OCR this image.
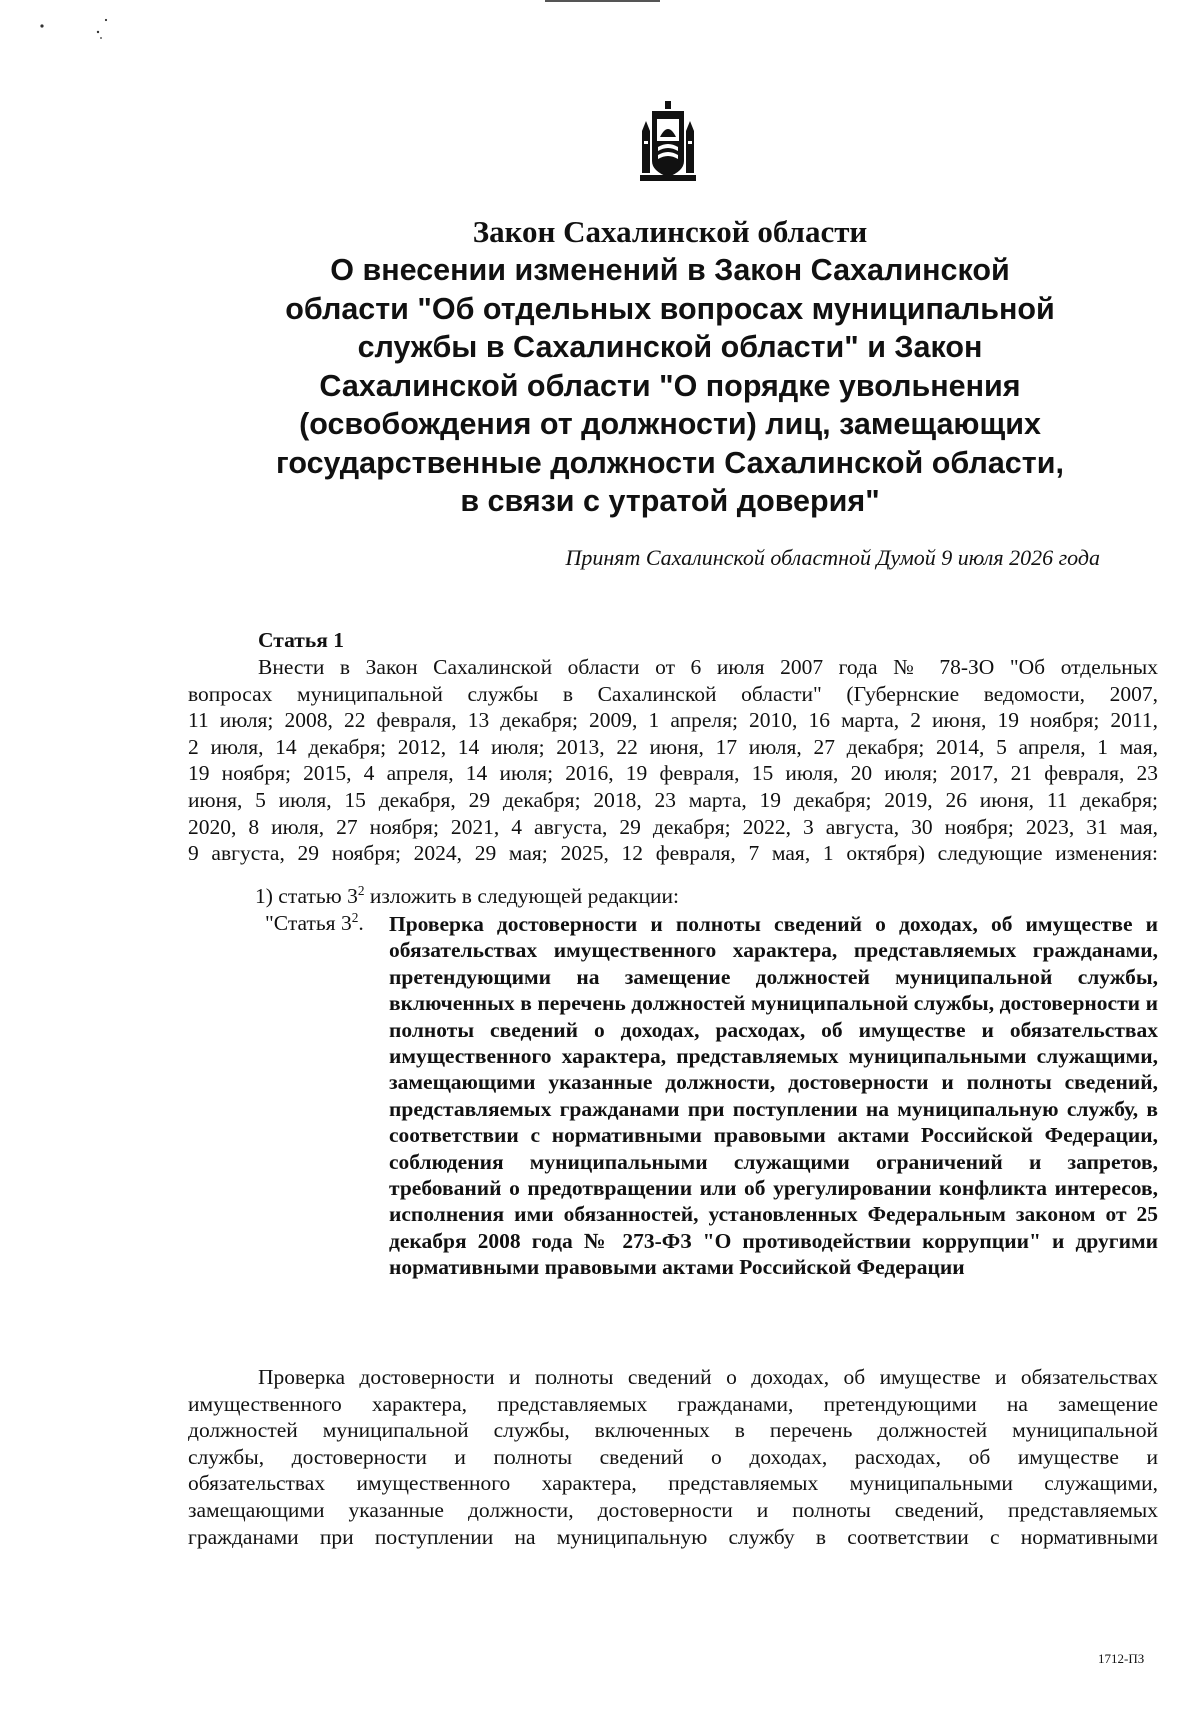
Закон Сахалинской области

О внесении изменений в Закон Сахалинской
области "Об отдельных вопросах муниципальной
службы в Сахалинской области" и Закон
Сахалинской области "О порядке увольнения
(освобождения от должности) лиц, замещающих
государственные должности Сахалинской области,
в связи с утратой доверия"

Принят Сахалинской областной Думой 9 июля 2026 года
Статья 1
Внести в Закон Сахалинской области от 6 июля 2007 года № 78-ЗО "Об отдельных
вопросах муниципальной службы в Сахалинской области" (Губернские ведомости, 2007,
11 июля; 2008, 22 февраля, 13 декабря; 2009, 1 апреля; 2010, 16 марта, 2 июня, 19 ноября; 2011,
2 июля, 14 декабря; 2012, 14 июля; 2013, 22 июня, 17 июля, 27 декабря; 2014, 5 апреля, 1 мая,
19 ноября; 2015, 4 апреля, 14 июля; 2016, 19 февраля, 15 июля, 20 июля; 2017, 21 февраля, 23
июня, 5 июля, 15 декабря, 29 декабря; 2018, 23 марта, 19 декабря; 2019, 26 июня, 11 декабря;
2020, 8 июля, 27 ноября; 2021, 4 августа, 29 декабря; 2022, 3 августа, 30 ноября; 2023, 31 мая,
9 августа, 29 ноября; 2024, 29 мая; 2025, 12 февраля, 7 мая, 1 октября) следующие изменения:
1) статью $3^2$ изложить в следующей редакции:
"Статья $3^2$. Проверка достоверности и полноты сведений о доходах, об имуществе и обязательствах имущественного характера, представляемых гражданами, претендующими на замещение должностей муниципальной службы, включенных в перечень должностей муниципальной службы, достоверности и полноты сведений о доходах, расходах, об имуществе и обязательствах имущественного характера, представляемых муниципальными служащими, замещающими указанные должности, достоверности и полноты сведений, представляемых гражданами при поступлении на муниципальную службу, в соответствии с нормативными правовыми актами Российской Федерации, соблюдения муниципальными служащими ограничений и запретов, требований о предотвращении или об урегулировании конфликта интересов, исполнения ими обязанностей, установленных Федеральным законом от 25 декабря 2008 года № 273-ФЗ "О противодействии коррупции" и другими нормативными правовыми актами Российской Федерации
Проверка достоверности и полноты сведений о доходах, об имуществе и обязательствах
имущественного характера, представляемых гражданами, претендующими на замещение
должностей муниципальной службы, включенных в перечень должностей муниципальной
службы, достоверности и полноты сведений о доходах, расходах, об имуществе и
обязательствах имущественного характера, представляемых муниципальными служащими,
замещающими указанные должности, достоверности и полноты сведений, представляемых
гражданами при поступлении на муниципальную службу в соответствии с нормативными
1712-ПЗ
